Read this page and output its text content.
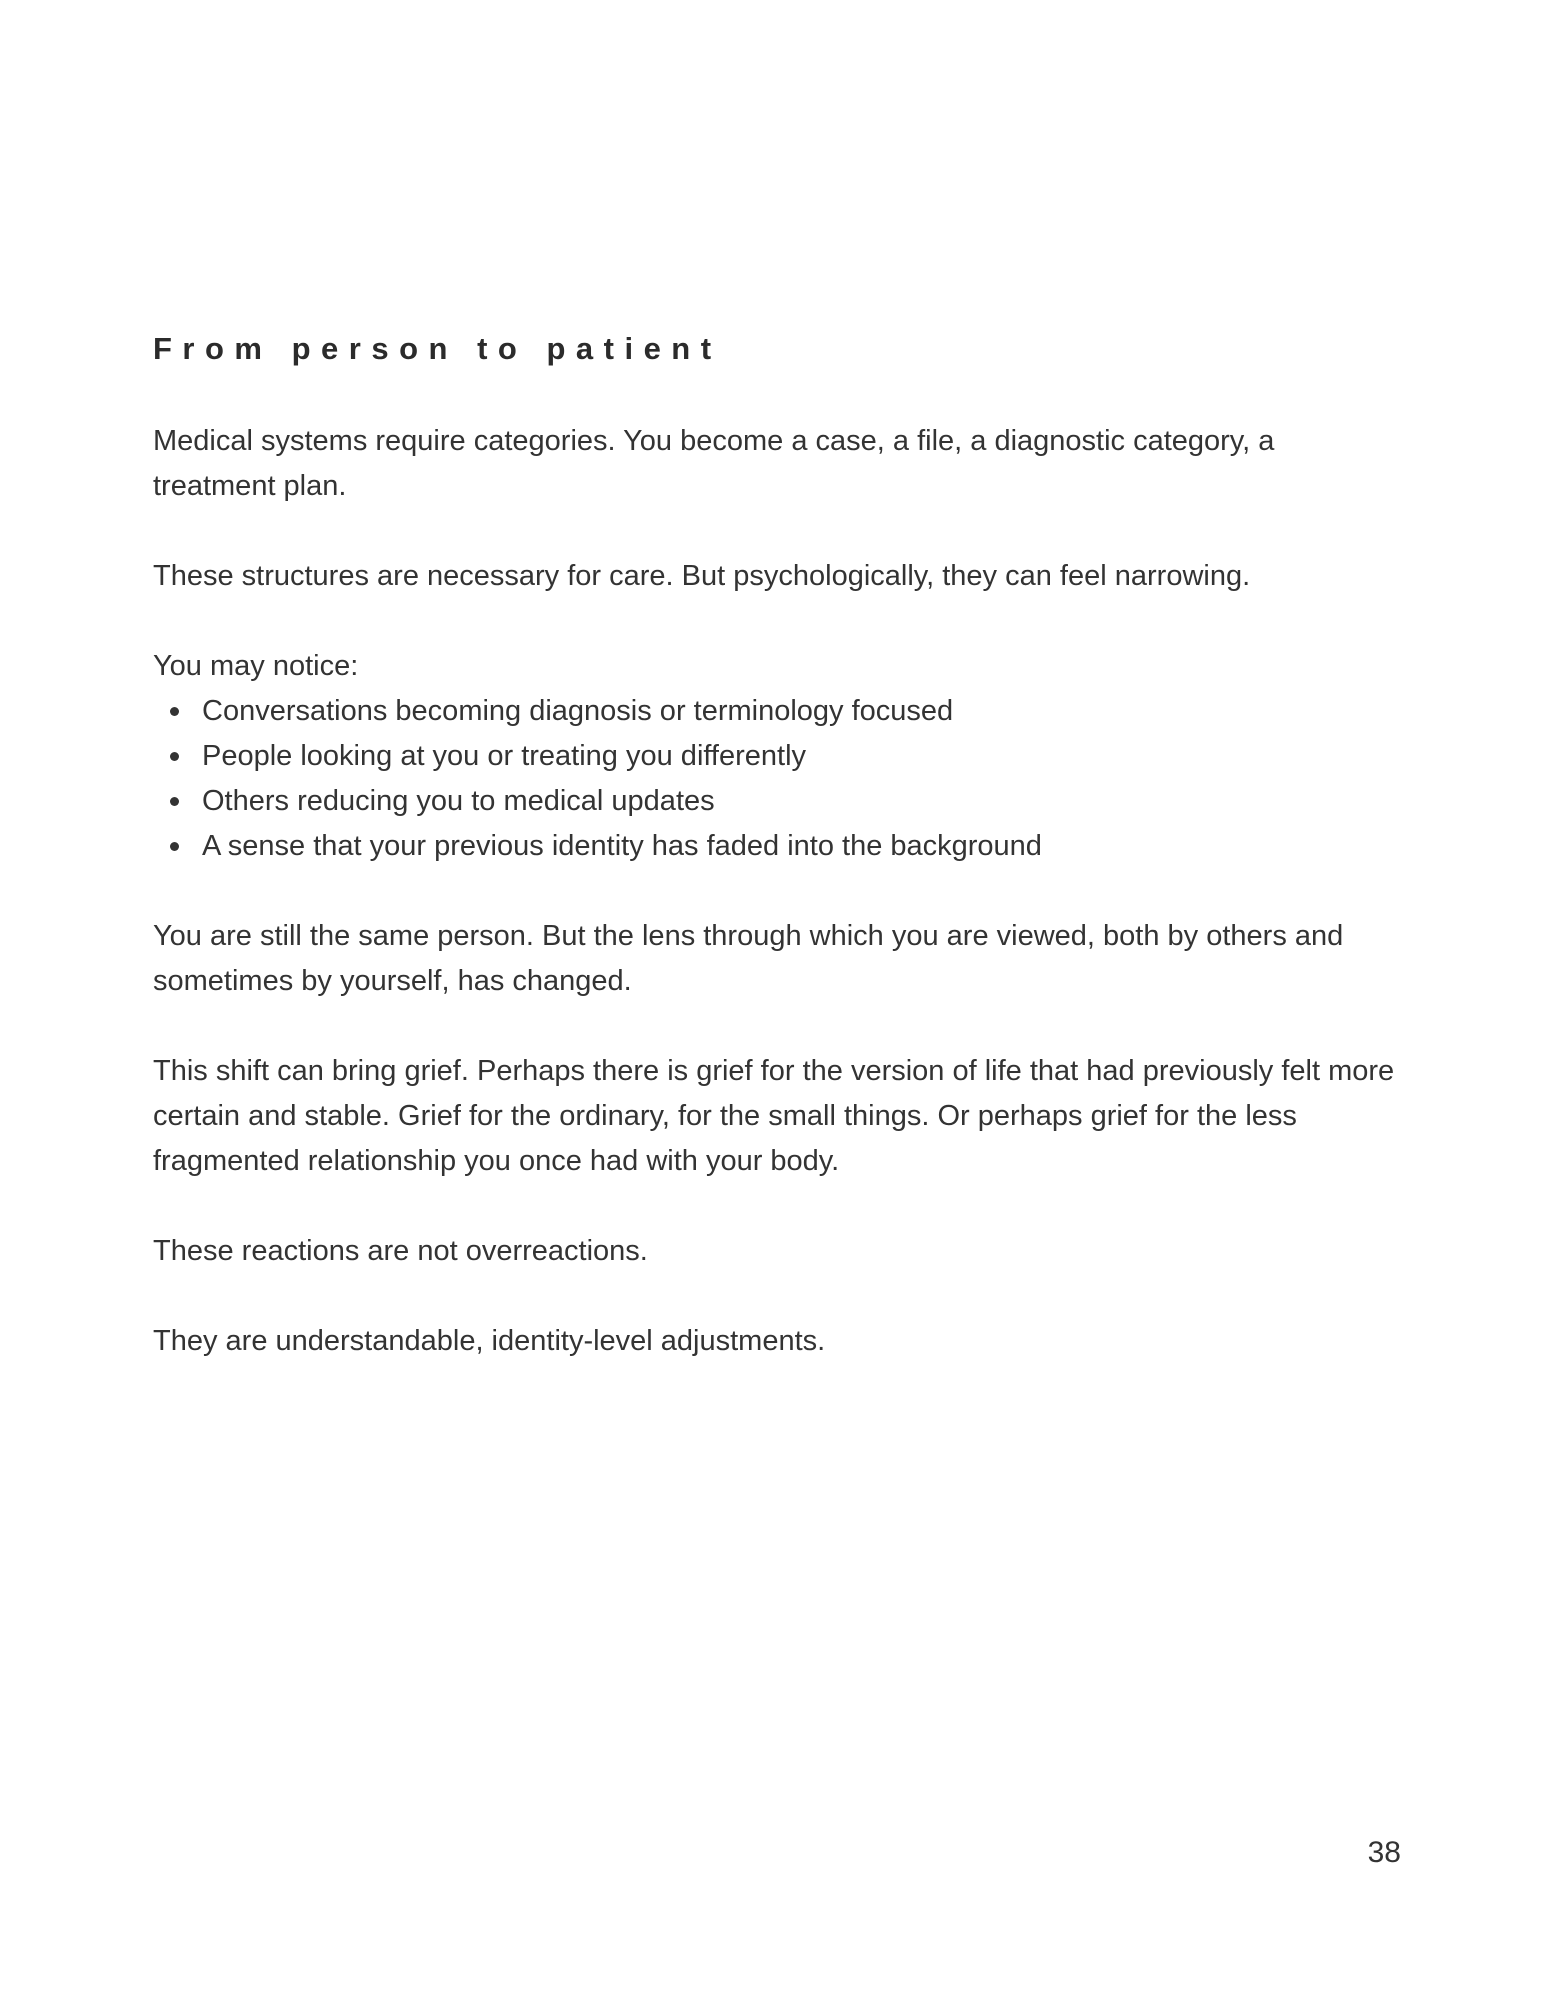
From person to patient

Medical systems require categories. You become a case, a file, a diagnostic category, a treatment plan.

These structures are necessary for care. But psychologically, they can feel narrowing.

You may notice:

Conversations becoming diagnosis or terminology focused
People looking at you or treating you differently
Others reducing you to medical updates
A sense that your previous identity has faded into the background

You are still the same person. But the lens through which you are viewed, both by others and sometimes by yourself, has changed.

This shift can bring grief. Perhaps there is grief for the version of life that had previously felt more certain and stable. Grief for the ordinary, for the small things. Or perhaps grief for the less fragmented relationship you once had with your body.

These reactions are not overreactions.

They are understandable, identity-level adjustments.

38
